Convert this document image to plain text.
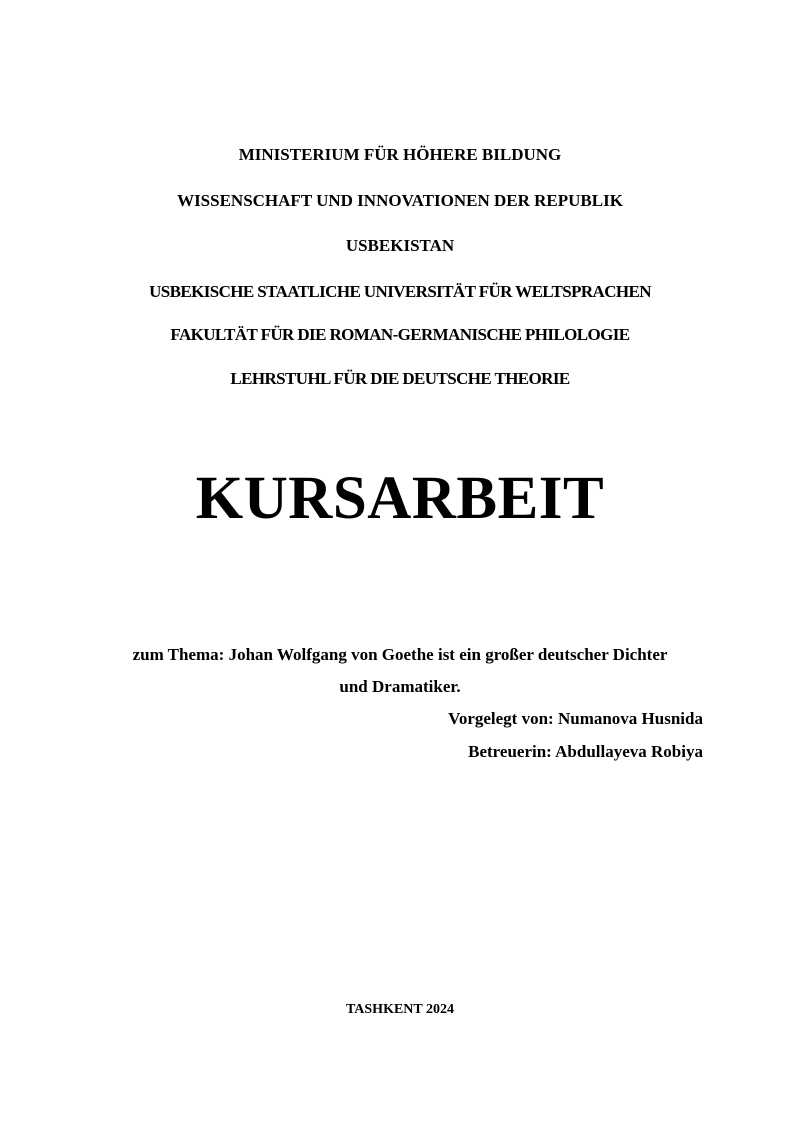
MINISTERIUM FÜR HÖHERE BILDUNG
WISSENSCHAFT UND INNOVATIONEN DER REPUBLIK
USBEKISTAN
USBEKISCHE STAATLICHE UNIVERSITÄT FÜR WELTSPRACHEN
FAKULTÄT FÜR DIE ROMAN-GERMANISCHE PHILOLOGIE
LEHRSTUHL FÜR DIE DEUTSCHE THEORIE
KURSARBEIT
zum Thema: Johan Wolfgang von Goethe ist ein großer deutscher Dichter
und Dramatiker.
Vorgelegt von: Numanova Husnida
Betreuerin: Abdullayeva Robiya
TASHKENT 2024
